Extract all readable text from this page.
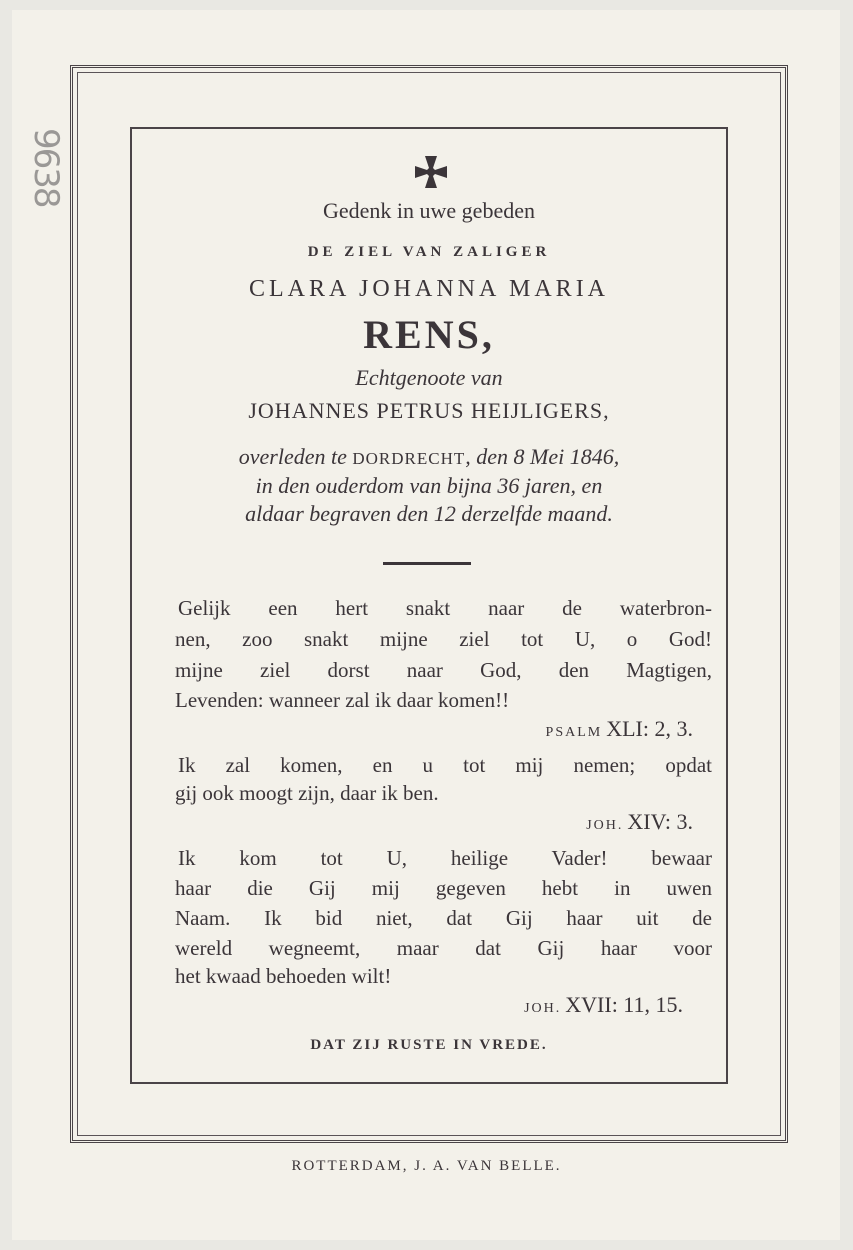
9638
Gedenk in uwe gebeden
DE ZIEL VAN ZALIGER
CLARA JOHANNA MARIA
RENS,
Echtgenoote van
JOHANNES PETRUS HEIJLIGERS,
overleden te DORDRECHT, den 8 Mei 1846,
in den ouderdom van bijna 36 jaren, en
aldaar begraven den 12 derzelfde maand.
Gelijk een hert snakt naar de waterbron-
nen, zoo snakt mijne ziel tot U, o God!
mijne ziel dorst naar God, den Magtigen,
Levenden: wanneer zal ik daar komen!!
PSALM XLI: 2, 3.
Ik zal komen, en u tot mij nemen; opdat
gij ook moogt zijn, daar ik ben.
JOH. XIV: 3.
Ik kom tot U, heilige Vader! bewaar
haar die Gij mij gegeven hebt in uwen
Naam. Ik bid niet, dat Gij haar uit de
wereld wegneemt, maar dat Gij haar voor
het kwaad behoeden wilt!
JOH. XVII: 11, 15.
DAT ZIJ RUSTE IN VREDE.
ROTTERDAM, J. A. VAN BELLE.
